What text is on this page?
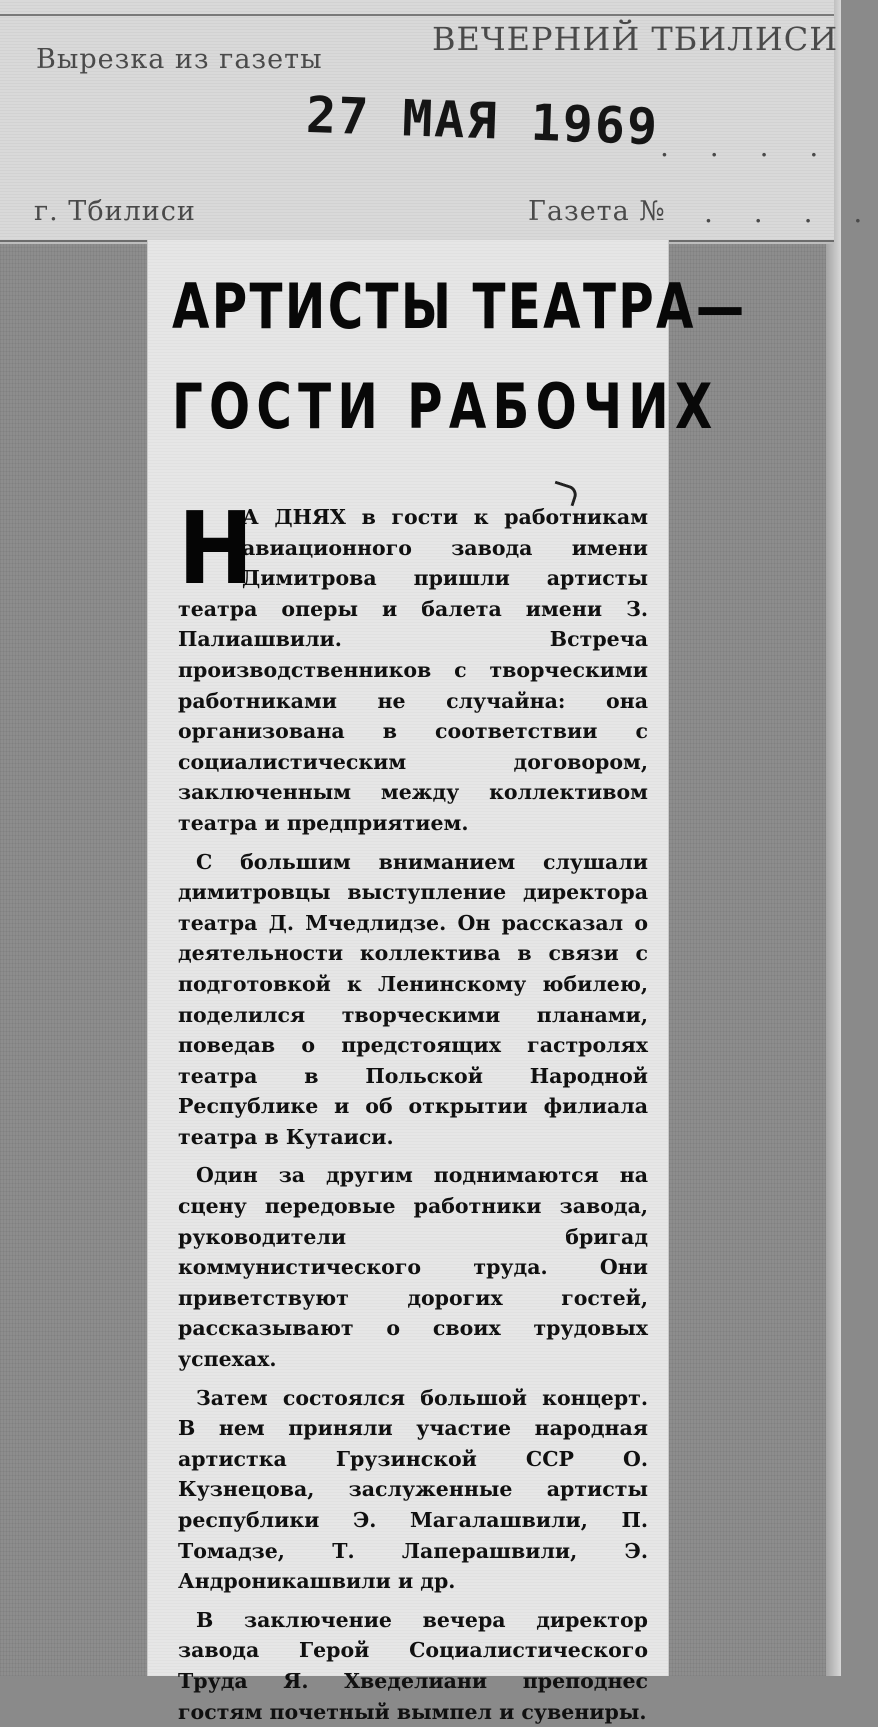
Вырезка из газеты
ВЕЧЕРНИЙ ТБИЛИСИ
27 МАЯ 1969 . . . .
г. Тбилиси	Газета № . . . .
АРТИСТЫ ТЕАТРА—
ГОСТИ РАБОЧИХ

Н
А ДНЯХ в гости к работникам авиационного завода имени Димитрова пришли артисты театра оперы и балета имени З. Палиашвили. Встреча производственников с творческими работниками не случайна: она организована в соответствии с социалистическим договором, заключенным между коллективом театра и предприятием.

С большим вниманием слушали димитровцы выступление директора театра Д. Мчедлидзе. Он рассказал о деятельности коллектива в связи с подготовкой к Ленинскому юбилею, поделился творческими планами, поведав о предстоящих гастролях театра в Польской Народной Республике и об открытии филиала театра в Кутаиси.

Один за другим поднимаются на сцену передовые работники завода, руководители бригад коммунистического труда. Они приветствуют дорогих гостей, рассказывают о своих трудовых успехах.

Затем состоялся большой концерт. В нем приняли участие народная артистка Грузинской ССР О. Кузнецова, заслуженные артисты республики Э. Магалашвили, П. Томадзе, Т. Лаперашвили, Э. Андроникашвили и др.

В заключение вечера директор завода Герой Социалистического Труда Я. Хведелиани преподнес гостям почетный вымпел и сувениры.
